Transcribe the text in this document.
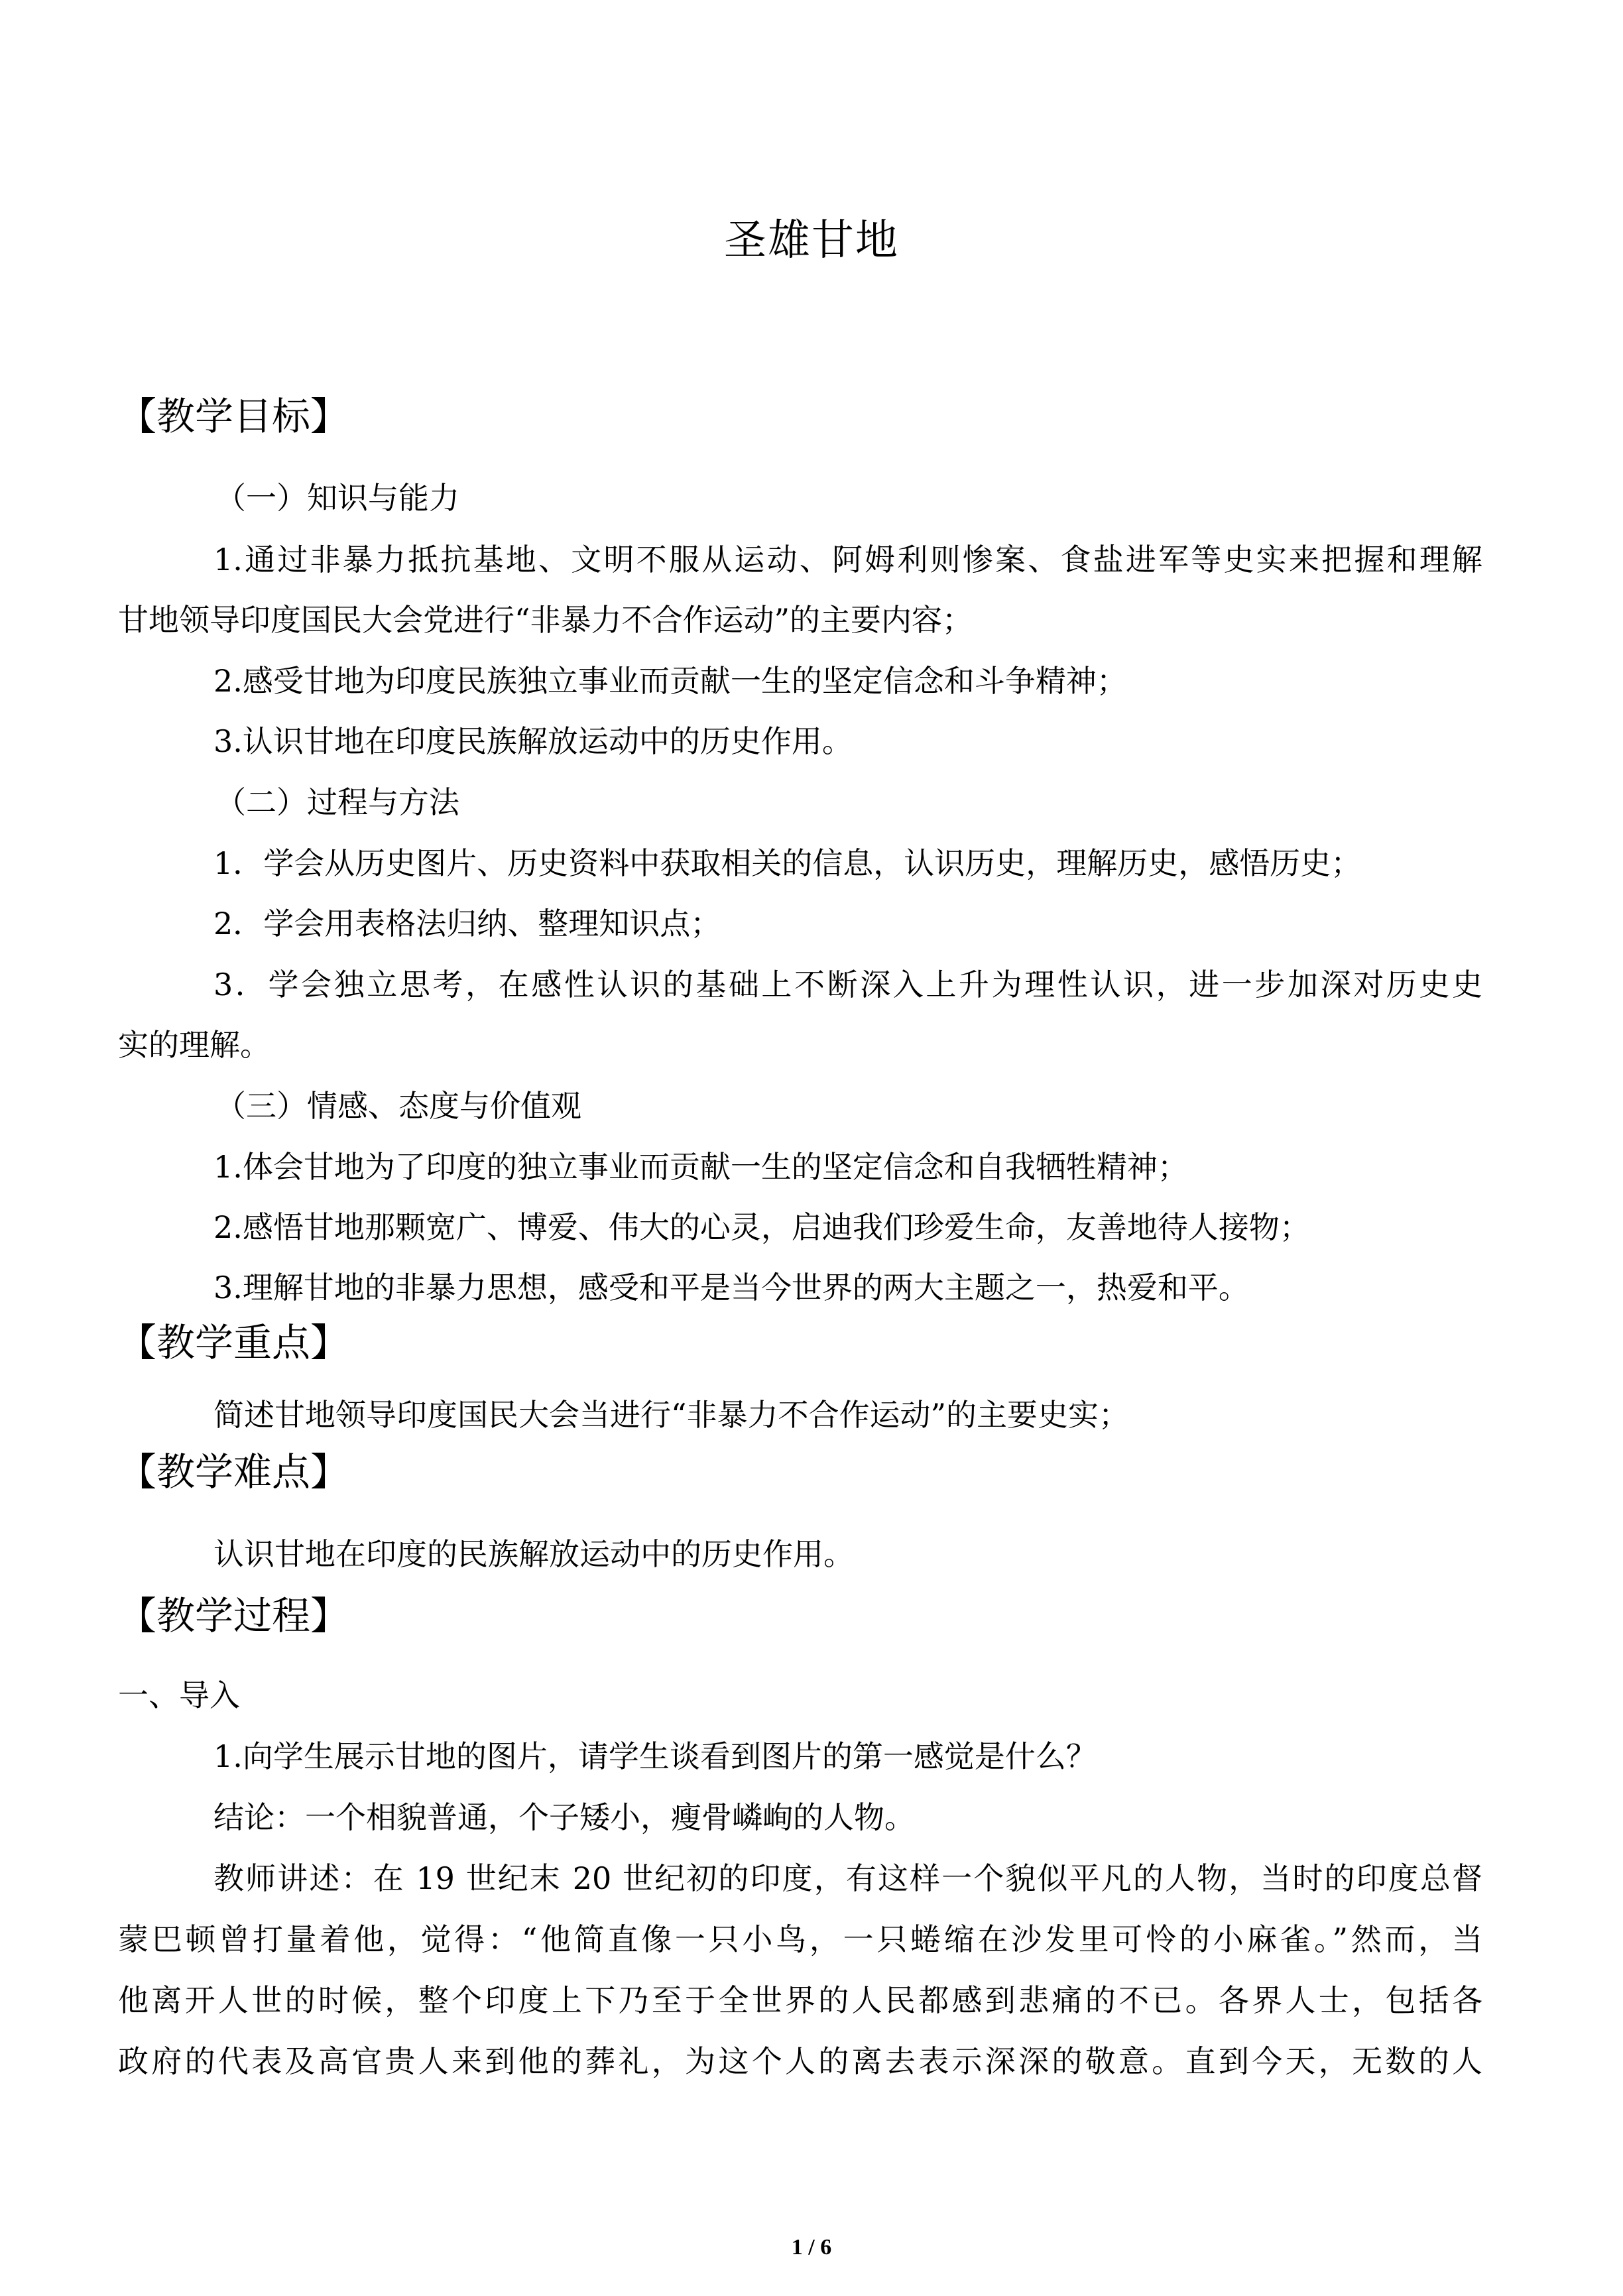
圣雄甘地
【教学目标】
（一）知识与能力
1.通过非暴力抵抗基地、文明不服从运动、阿姆利则惨案、食盐进军等史实来把握和理解
甘地领导印度国民大会党进行“非暴力不合作运动”的主要内容；
2.感受甘地为印度民族独立事业而贡献一生的坚定信念和斗争精神；
3.认识甘地在印度民族解放运动中的历史作用。
（二）过程与方法
1．学会从历史图片、历史资料中获取相关的信息，认识历史，理解历史，感悟历史；
2．学会用表格法归纳、整理知识点；
3．学会独立思考，在感性认识的基础上不断深入上升为理性认识，进一步加深对历史史
实的理解。
（三）情感、态度与价值观
1.体会甘地为了印度的独立事业而贡献一生的坚定信念和自我牺牲精神；
2.感悟甘地那颗宽广、博爱、伟大的心灵，启迪我们珍爱生命，友善地待人接物；
3.理解甘地的非暴力思想，感受和平是当今世界的两大主题之一，热爱和平。
【教学重点】
简述甘地领导印度国民大会当进行“非暴力不合作运动”的主要史实；
【教学难点】
认识甘地在印度的民族解放运动中的历史作用。
【教学过程】
一、导入
1.向学生展示甘地的图片，请学生谈看到图片的第一感觉是什么？
结论：一个相貌普通，个子矮小，瘦骨嶙峋的人物。
教师讲述：在 19 世纪末 20 世纪初的印度，有这样一个貌似平凡的人物，当时的印度总督
蒙巴顿曾打量着他，觉得：“他简直像一只小鸟，一只蜷缩在沙发里可怜的小麻雀。”然而，当
他离开人世的时候，整个印度上下乃至于全世界的人民都感到悲痛的不已。各界人士，包括各
政府的代表及高官贵人来到他的葬礼，为这个人的离去表示深深的敬意。直到今天，无数的人
1 / 6
